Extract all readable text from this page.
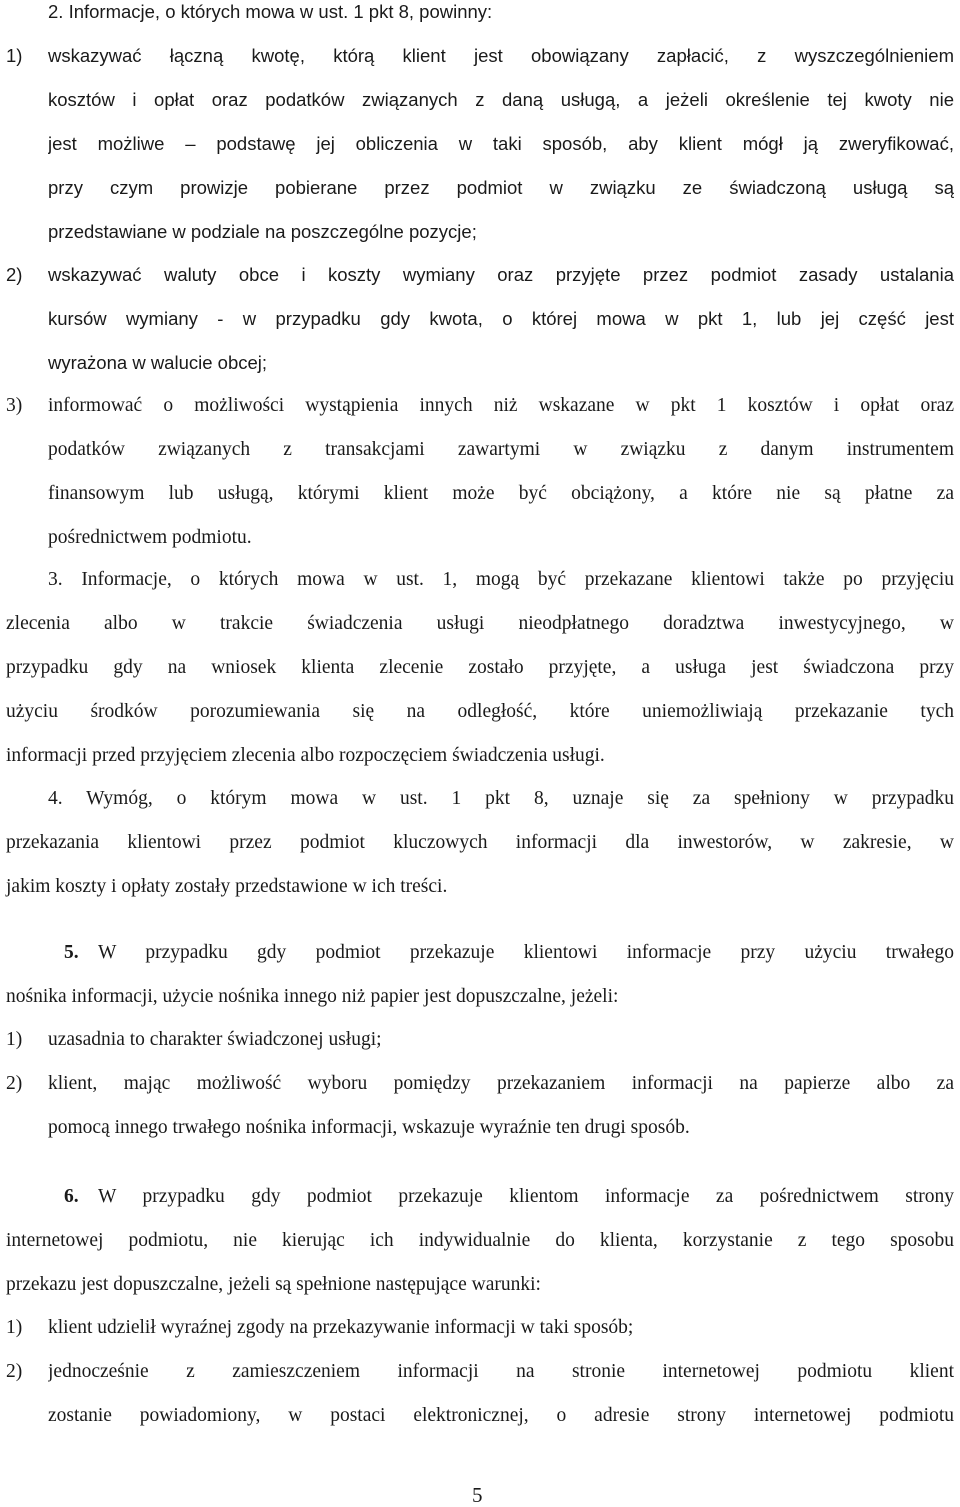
2. Informacje, o których mowa w ust. 1 pkt 8, powinny:
1) wskazywać łączną kwotę, którą klient jest obowiązany zapłacić, z wyszczególnieniem
kosztów i opłat oraz podatków związanych z daną usługą, a jeżeli określenie tej kwoty nie
jest możliwe – podstawę jej obliczenia w taki sposób, aby klient mógł ją zweryfikować,
przy czym prowizje pobierane przez podmiot w związku ze świadczoną usługą są
przedstawiane w podziale na poszczególne pozycje;
2) wskazywać waluty obce i koszty wymiany oraz przyjęte przez podmiot zasady ustalania
kursów wymiany - w przypadku gdy kwota, o której mowa w pkt 1, lub jej część jest
wyrażona w walucie obcej;
3) informować o możliwości wystąpienia innych niż wskazane w pkt 1 kosztów i opłat oraz
podatków związanych z transakcjami zawartymi w związku z danym instrumentem
finansowym lub usługą, którymi klient może być obciążony, a które nie są płatne za
pośrednictwem podmiotu.
3. Informacje, o których mowa w ust. 1, mogą być przekazane klientowi także po przyjęciu
zlecenia albo w trakcie świadczenia usługi nieodpłatnego doradztwa inwestycyjnego, w
przypadku gdy na wniosek klienta zlecenie zostało przyjęte, a usługa jest świadczona przy
użyciu środków porozumiewania się na odległość, które uniemożliwiają przekazanie tych
informacji przed przyjęciem zlecenia albo rozpoczęciem świadczenia usługi.
4. Wymóg, o którym mowa w ust. 1 pkt 8, uznaje się za spełniony w przypadku
przekazania klientowi przez podmiot kluczowych informacji dla inwestorów, w zakresie, w
jakim koszty i opłaty zostały przedstawione w ich treści.
5. W przypadku gdy podmiot przekazuje klientowi informacje przy użyciu trwałego
nośnika informacji, użycie nośnika innego niż papier jest dopuszczalne, jeżeli:
1) uzasadnia to charakter świadczonej usługi;
2) klient, mając możliwość wyboru pomiędzy przekazaniem informacji na papierze albo za
pomocą innego trwałego nośnika informacji, wskazuje wyraźnie ten drugi sposób.
6. W przypadku gdy podmiot przekazuje klientom informacje za pośrednictwem strony
internetowej podmiotu, nie kierując ich indywidualnie do klienta, korzystanie z tego sposobu
przekazu jest dopuszczalne, jeżeli są spełnione następujące warunki:
1) klient udzielił wyraźnej zgody na przekazywanie informacji w taki sposób;
2) jednocześnie z zamieszczeniem informacji na stronie internetowej podmiotu klient
zostanie powiadomiony, w postaci elektronicznej, o adresie strony internetowej podmiotu
5
